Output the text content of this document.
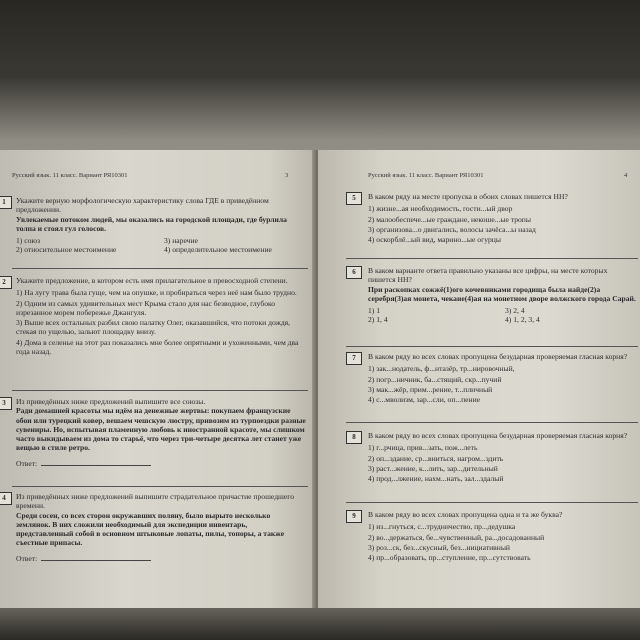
Русский язык. 11 класс. Вариант РЯ10301	3
1	Укажите верную морфологическую характеристику слова ГДЕ в приведённом предложении.

Увлекаемые потоком людей, мы оказались на городской площади, где бурлила толпа и стоял гул голосов.

1) союз	3) наречие
2) относительное местоимение	4) определительное местоимение
2	Укажите предложение, в котором есть имя прилагательное в превосходной степени.

1) На лугу трава была гуще, чем на опушке, и пробираться через неё нам было трудно.
2) Одним из самых удивительных мест Крыма стало для нас безводное, глубоко изрезанное морем побережье Джангуля.
3) Выше всех остальных разбил свою палатку Олег, оказавшийся, что потоки дождя, стекая по ущелью, зальют площадку внизу.
4) Дома в селенье на этот раз показались мне более опрятными и ухоженными, чем два года назад.
3	Из приведённых ниже предложений выпишите все союзы.

Ради домашней красоты мы идём на денежные жертвы: покупаем французские обои или турецкий ковер, вешаем чешскую люстру, привозим из турпоездки разные сувениры. Но, испытывая пламенную любовь к иностранной красоте, мы слишком часто выкидываем из дома то старьё, что через три-четыре десятка лет станет уже вещью в стиле ретро.

Ответ:
4	Из приведённых ниже предложений выпишите страдательное причастие прошедшего времени.

Среди сосен, со всех сторон окружавших поляну, было вырыто несколько землянок. В них сложили необходимый для экспедиции инвентарь, представленный собой в основном штыковые лопаты, пилы, топоры, а также съестные припасы.

Ответ:
Русский язык. 11 класс. Вариант РЯ10301	4
5	В каком ряду на месте пропуска в обоих словах пишется НН?

1) жизне...ая необходимость, гости...ый двор
2) малообеспече...ые граждане, некоше...ые тропы
3) организова...о двигались, волосы зачёса...ы назад
4) оскорблё...ый вид, марино...ые огурцы
6	В каком варианте ответа правильно указаны все цифры, на месте которых пишется НН?

При раскопках сожжё(1)ого кочевниками городища была найде(2)а серебря(3)ая монета, чекане(4)ая на монетном дворе волжского города Сарай.

1) 1	3) 2, 4
2) 1, 4	4) 1, 2, 3, 4
7	В каком ряду во всех словах пропущена безударная проверяемая гласная корня?

1) зак...нодатель, ф...нтазёр, тр...нировочный,
2) погр...ничник, ба...стящий, скр...пучий
3) мак...жёр, прим...рение, т...пличный
4) с...мволизм, зар...сли, оп...пение
8	В каком ряду во всех словах пропущена безударная проверяемая гласная корня?

1) г...рчица, прив...зать, пож...леть
2) оп...здание, ср...вниться, нагром...здить
3) раст...жение, к...лить, зар...дительный
4) прод...лжение, нахм...нать, зал...здалый
9	В каком ряду во всех словах пропущена одна и та же буква?

1) из...гнуться, с...трудничество, пр...дедушка
2) во...держаться, бе...чувственный, ра...досадованный
3) роз...ск, без...скусный, без...нициативный
4) пр...образовать, пр...ступление, пр...сутствовать
